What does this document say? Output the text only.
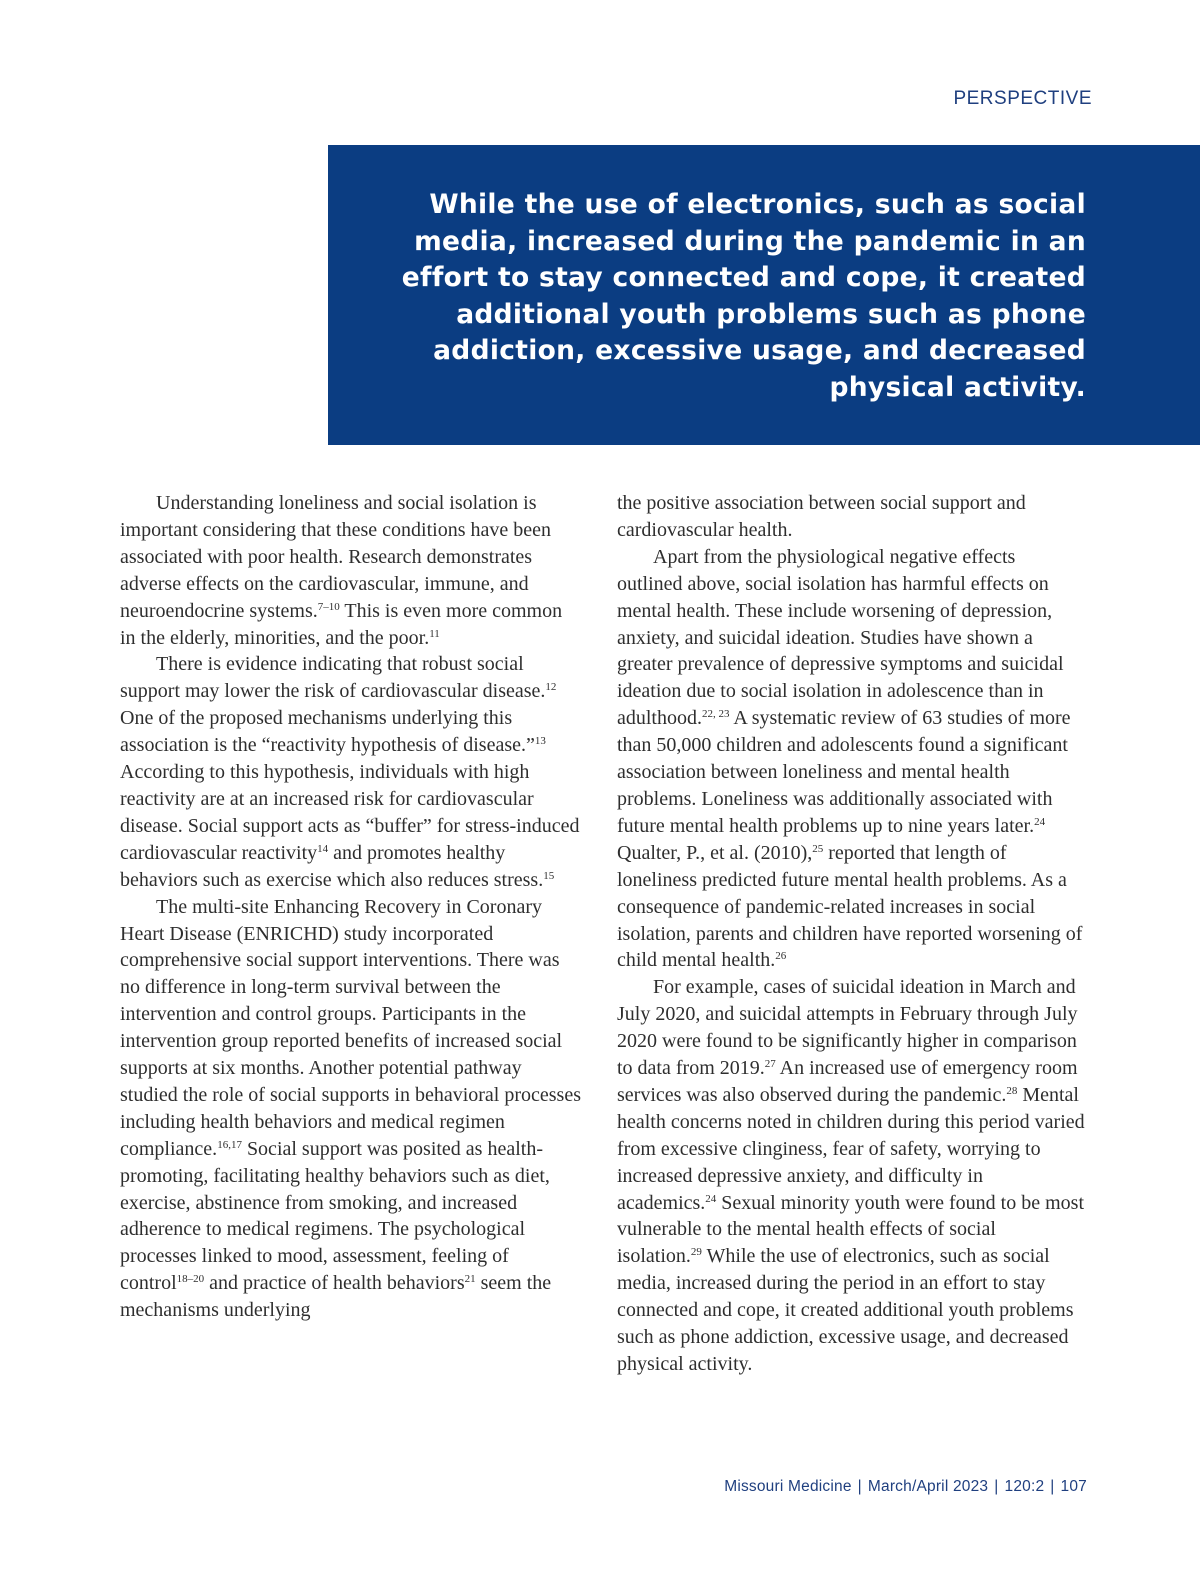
PERSPECTIVE
While the use of electronics, such as social media, increased during the pandemic in an effort to stay connected and cope, it created additional youth problems such as phone addiction, excessive usage, and decreased physical activity.

Understanding loneliness and social isolation is important considering that these conditions have been associated with poor health. Research demonstrates adverse effects on the cardiovascular, immune, and neuroendocrine systems.$^{7-10}$ This is even more common in the elderly, minorities, and the poor.$^{11}$

There is evidence indicating that robust social support may lower the risk of cardiovascular disease.$^{12}$ One of the proposed mechanisms underlying this association is the “reactivity hypothesis of disease.”$^{13}$ According to this hypothesis, individuals with high reactivity are at an increased risk for cardiovascular disease. Social support acts as “buffer” for stress-induced cardiovascular reactivity$^{14}$ and promotes healthy behaviors such as exercise which also reduces stress.$^{15}$

The multi-site Enhancing Recovery in Coronary Heart Disease (ENRICHD) study incorporated comprehensive social support interventions. There was no difference in long-term survival between the intervention and control groups. Participants in the intervention group reported benefits of increased social supports at six months. Another potential pathway studied the role of social supports in behavioral processes including health behaviors and medical regimen compliance.$^{16,17}$ Social support was posited as health-promoting, facilitating healthy behaviors such as diet, exercise, abstinence from smoking, and increased adherence to medical regimens. The psychological processes linked to mood, assessment, feeling of control$^{18-20}$ and practice of health behaviors$^{21}$ seem the mechanisms underlying

the positive association between social support and cardiovascular health.

Apart from the physiological negative effects outlined above, social isolation has harmful effects on mental health. These include worsening of depression, anxiety, and suicidal ideation. Studies have shown a greater prevalence of depressive symptoms and suicidal ideation due to social isolation in adolescence than in adulthood.$^{22, 23}$ A systematic review of 63 studies of more than 50,000 children and adolescents found a significant association between loneliness and mental health problems. Loneliness was additionally associated with future mental health problems up to nine years later.$^{24}$ Qualter, P., et al. (2010),$^{25}$ reported that length of loneliness predicted future mental health problems. As a consequence of pandemic-related increases in social isolation, parents and children have reported worsening of child mental health.$^{26}$

For example, cases of suicidal ideation in March and July 2020, and suicidal attempts in February through July 2020 were found to be significantly higher in comparison to data from 2019.27 An increased use of emergency room services was also observed during the pandemic.$^{28}$ Mental health concerns noted in children during this period varied from excessive clinginess, fear of safety, worrying to increased depressive anxiety, and difficulty in academics.$^{24}$ Sexual minority youth were found to be most vulnerable to the mental health effects of social isolation.$^{29}$ While the use of electronics, such as social media, increased during the period in an effort to stay connected and cope, it created additional youth problems such as phone addiction, excessive usage, and decreased physical activity.

Missouri Medicine | March/April 2023 | 120:2 | 107
